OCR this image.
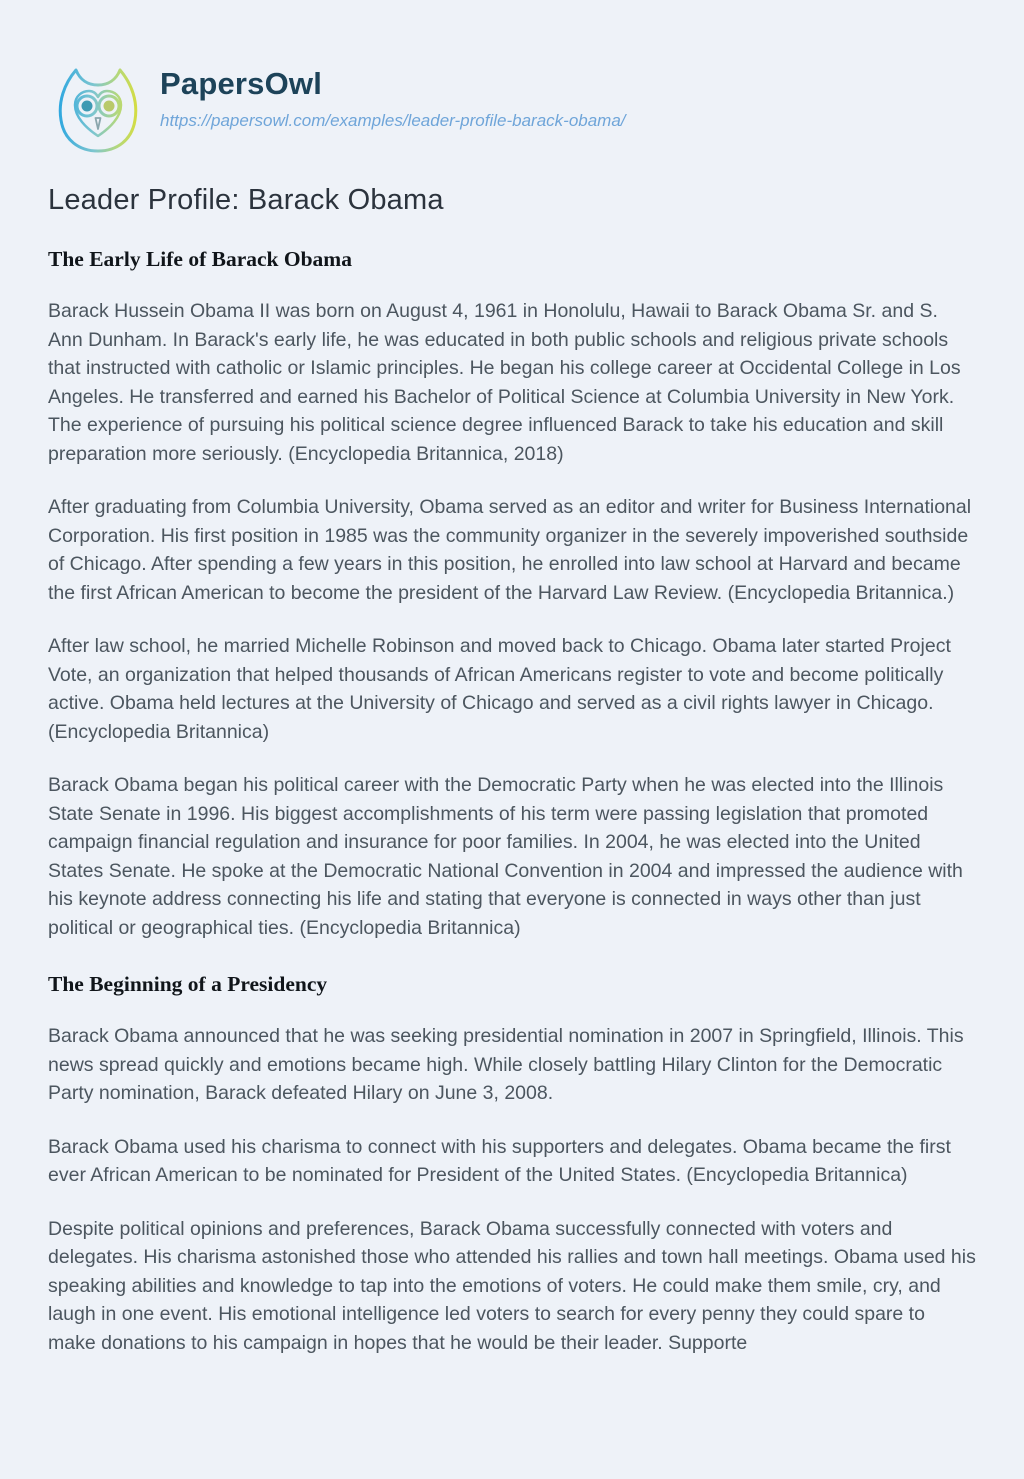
PapersOwl
https://papersowl.com/examples/leader-profile-barack-obama/
Leader Profile: Barack Obama
The Early Life of Barack Obama

Barack Hussein Obama II was born on August 4, 1961 in Honolulu, Hawaii to Barack Obama Sr. and S. Ann Dunham. In Barack's early life, he was educated in both public schools and religious private schools that instructed with catholic or Islamic principles. He began his college career at Occidental College in Los Angeles. He transferred and earned his Bachelor of Political Science at Columbia University in New York. The experience of pursuing his political science degree influenced Barack to take his education and skill preparation more seriously. (Encyclopedia Britannica, 2018)

After graduating from Columbia University, Obama served as an editor and writer for Business International Corporation. His first position in 1985 was the community organizer in the severely impoverished southside of Chicago. After spending a few years in this position, he enrolled into law school at Harvard and became the first African American to become the president of the Harvard Law Review. (Encyclopedia Britannica.)

After law school, he married Michelle Robinson and moved back to Chicago. Obama later started Project Vote, an organization that helped thousands of African Americans register to vote and become politically active. Obama held lectures at the University of Chicago and served as a civil rights lawyer in Chicago. (Encyclopedia Britannica)

Barack Obama began his political career with the Democratic Party when he was elected into the Illinois State Senate in 1996. His biggest accomplishments of his term were passing legislation that promoted campaign financial regulation and insurance for poor families. In 2004, he was elected into the United States Senate. He spoke at the Democratic National Convention in 2004 and impressed the audience with his keynote address connecting his life and stating that everyone is connected in ways other than just political or geographical ties. (Encyclopedia Britannica)

The Beginning of a Presidency

Barack Obama announced that he was seeking presidential nomination in 2007 in Springfield, Illinois. This news spread quickly and emotions became high. While closely battling Hilary Clinton for the Democratic Party nomination, Barack defeated Hilary on June 3, 2008.

Barack Obama used his charisma to connect with his supporters and delegates. Obama became the first ever African American to be nominated for President of the United States. (Encyclopedia Britannica)

Despite political opinions and preferences, Barack Obama successfully connected with voters and delegates. His charisma astonished those who attended his rallies and town hall meetings. Obama used his speaking abilities and knowledge to tap into the emotions of voters. He could make them smile, cry, and laugh in one event. His emotional intelligence led voters to search for every penny they could spare to make donations to his campaign in hopes that he would be their leader. Supporte
